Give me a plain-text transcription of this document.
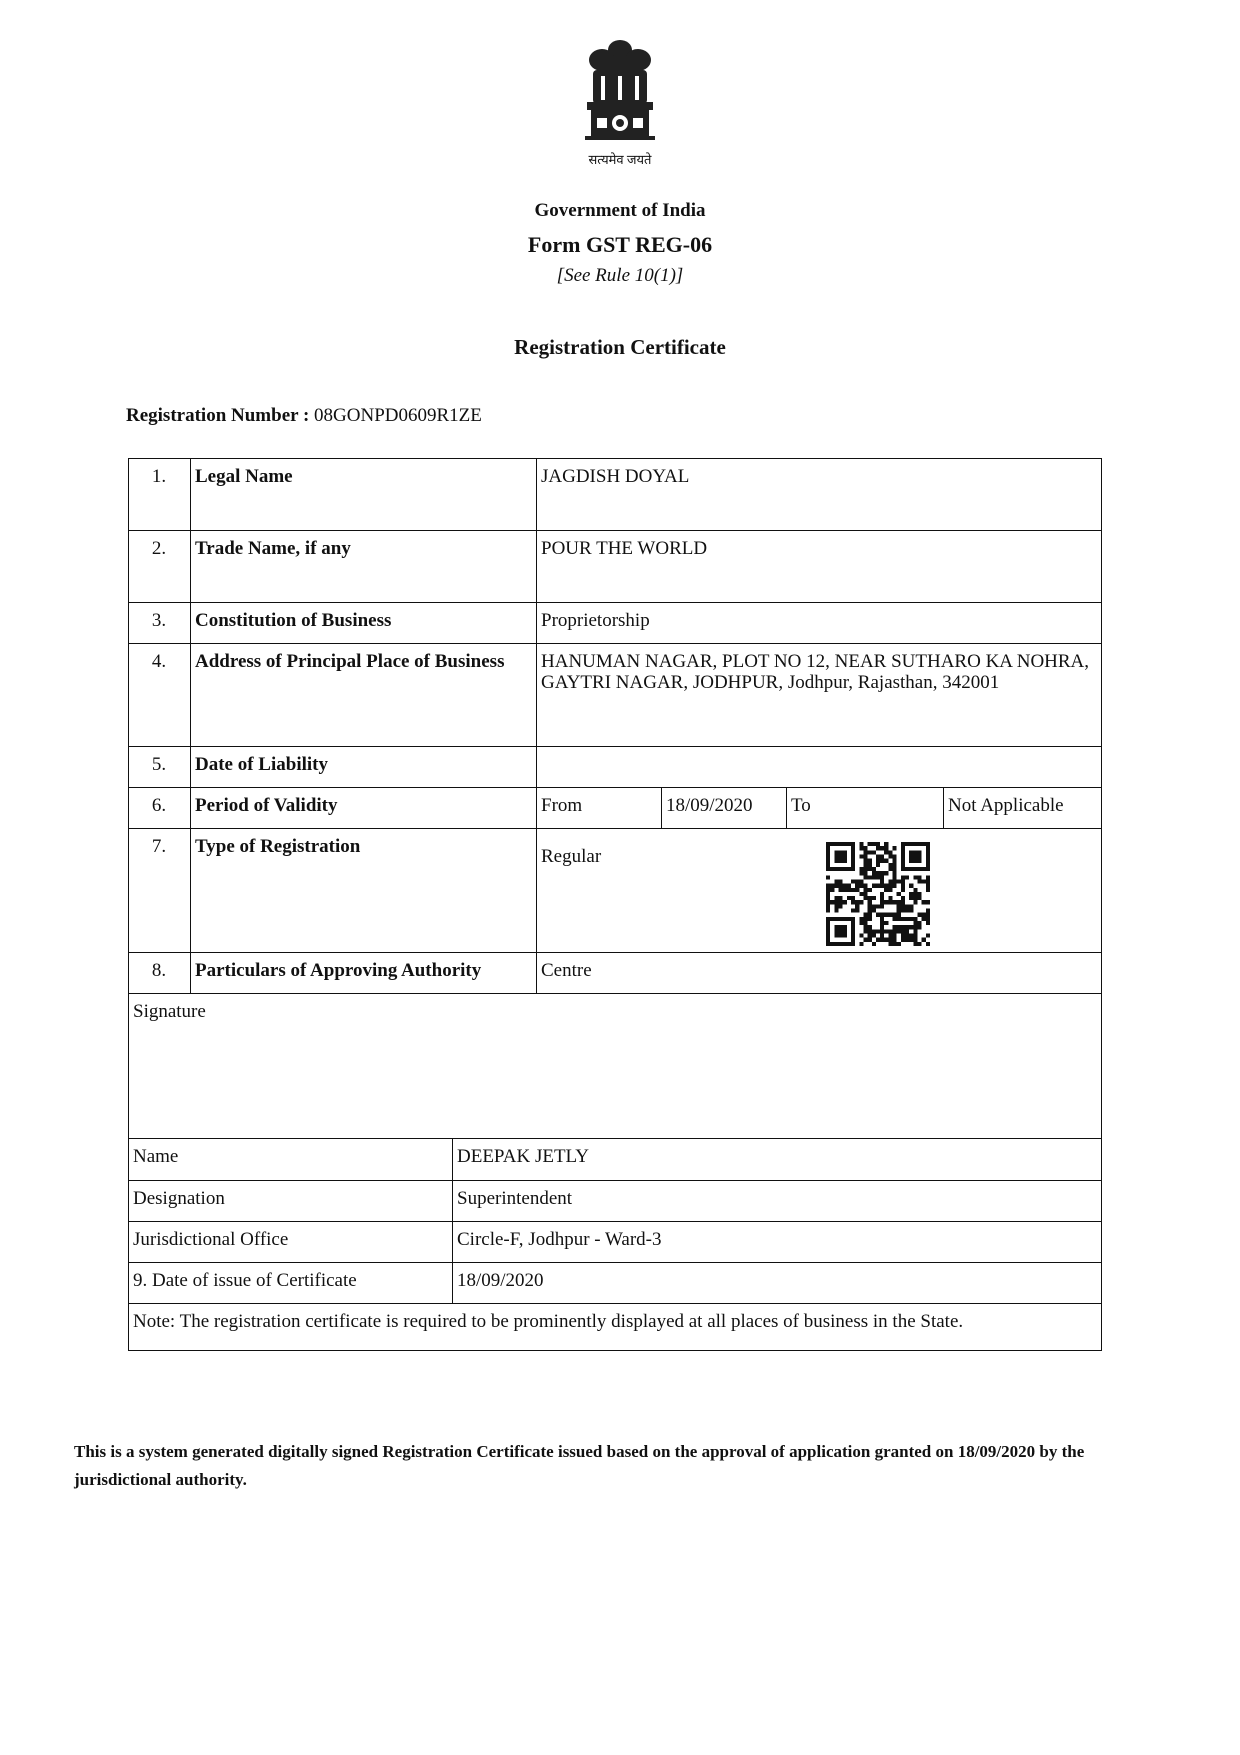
सत्यमेव जयते
Government of India
Form GST REG-06
[See Rule 10(1)]
Registration Certificate
Registration Number : 08GONPD0609R1ZE
1.	Legal Name	JAGDISH DOYAL
2.	Trade Name, if any	POUR THE WORLD
3.	Constitution of Business	Proprietorship
4.	Address of Principal Place of Business	HANUMAN NAGAR, PLOT NO 12, NEAR SUTHARO KA NOHRA, GAYTRI NAGAR, JODHPUR, Jodhpur, Rajasthan, 342001
5.	Date of Liability
6.	Period of Validity	From	18/09/2020	To	Not Applicable
7.	Type of Registration	Regular
8.	Particulars of Approving Authority	Centre
Signature
Name	DEEPAK JETLY
Designation	Superintendent
Jurisdictional Office	Circle-F, Jodhpur - Ward-3
9. Date of issue of Certificate	18/09/2020
Note: The registration certificate is required to be prominently displayed at all places of business in the State.
This is a system generated digitally signed Registration Certificate issued based on the approval of application granted on 18/09/2020 by the jurisdictional authority.
